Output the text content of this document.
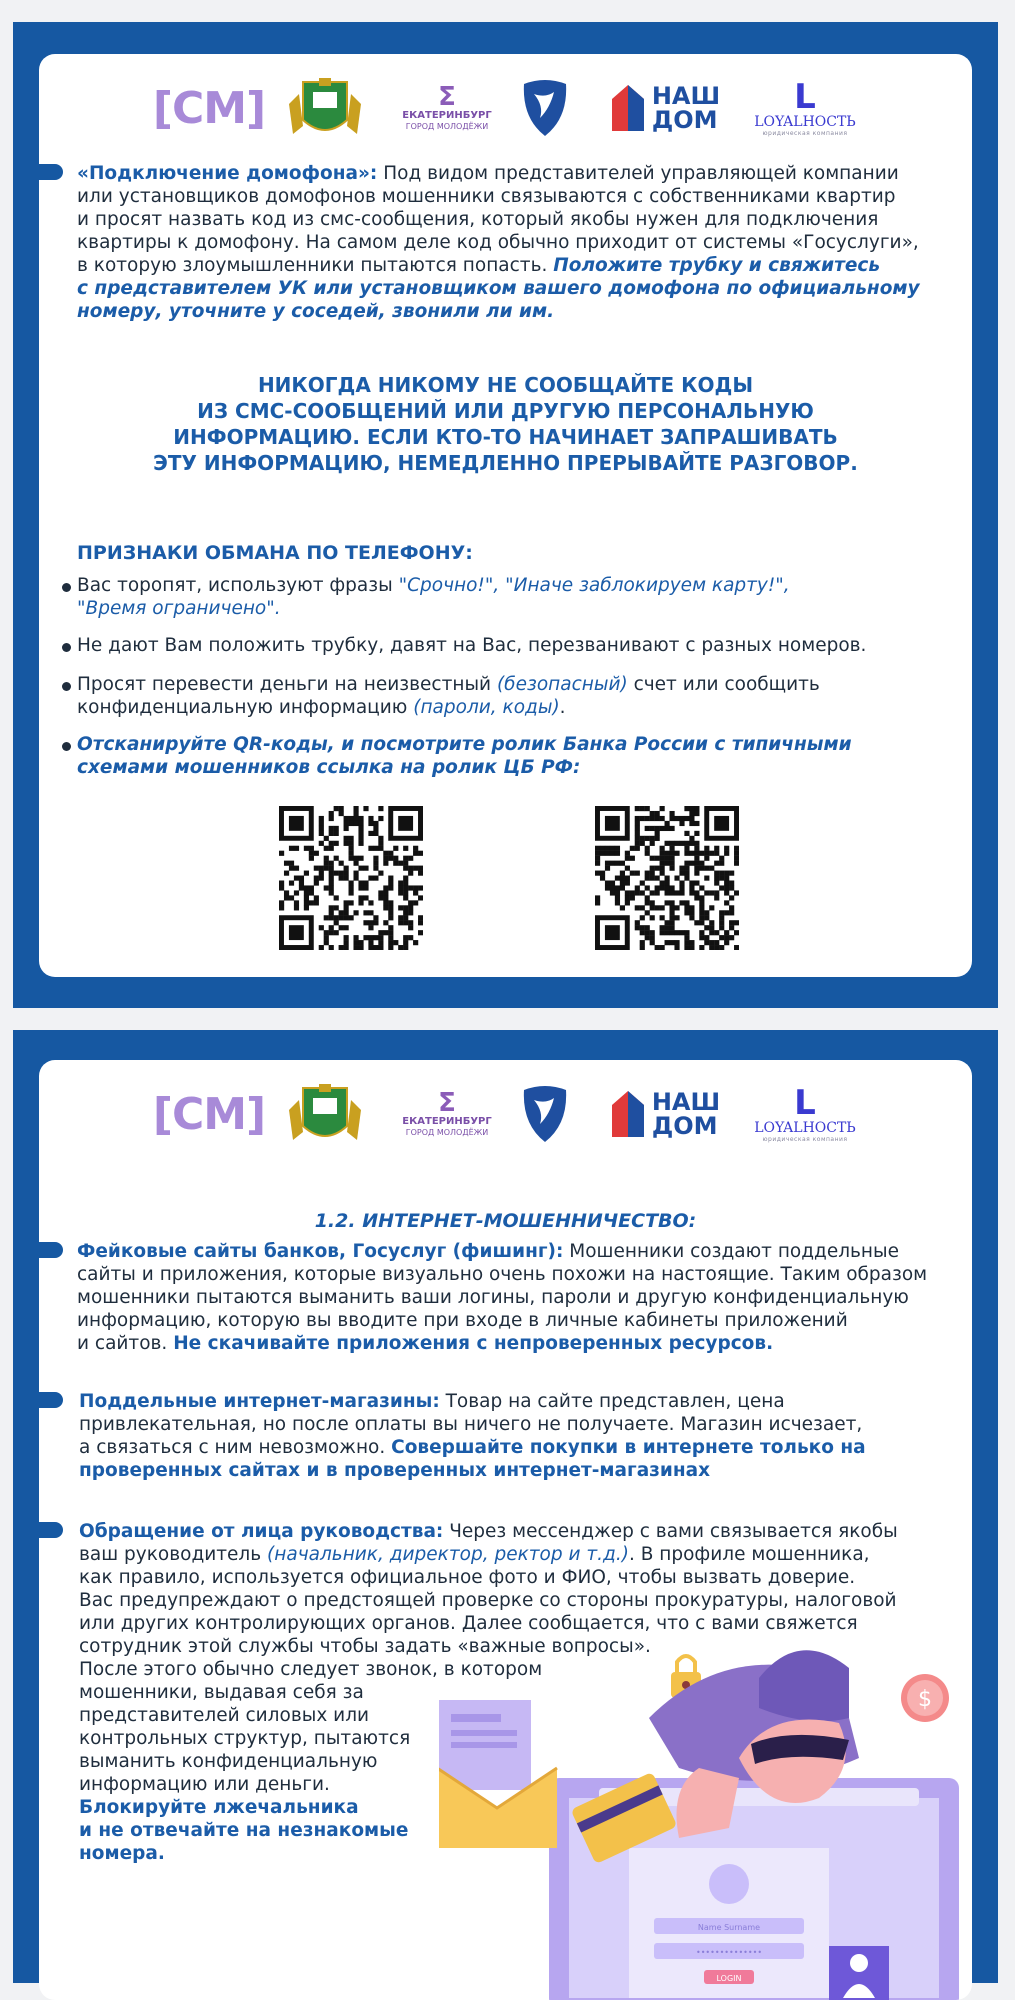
[СМ]	Ʃ
ЕКАТЕРИНБУРГ
ГОРОД МОЛОДЁЖИ
НАШ
ДОМ
L
LOYALНОСТЬ
юридическая компания
«Подключение домофона»: Под видом представителей управляющей компании
или установщиков домофонов мошенники связываются с собственниками квартир
и просят назвать код из смс-сообщения, который якобы нужен для подключения
квартиры к домофону. На самом деле код обычно приходит от системы «Госуслуги»,
в которую злоумышленники пытаются попасть. Положите трубку и свяжитесь
с представителем УК или установщиком вашего домофона по официальному
номеру, уточните у соседей, звонили ли им.
НИКОГДА НИКОМУ НЕ СООБЩАЙТЕ КОДЫ
ИЗ СМС-СООБЩЕНИЙ ИЛИ ДРУГУЮ ПЕРСОНАЛЬНУЮ
ИНФОРМАЦИЮ. ЕСЛИ КТО-ТО НАЧИНАЕТ ЗАПРАШИВАТЬ
ЭТУ ИНФОРМАЦИЮ, НЕМЕДЛЕННО ПРЕРЫВАЙТЕ РАЗГОВОР.
ПРИЗНАКИ ОБМАНА ПО ТЕЛЕФОНУ:
Вас торопят, используют фразы "Срочно!", "Иначе заблокируем карту!",
"Время ограничено".
Не дают Вам положить трубку, давят на Вас, перезванивают с разных номеров.
Просят перевести деньги на неизвестный (безопасный) счет или сообщить
конфиденциальную информацию (пароли, коды).
Отсканируйте QR-коды, и посмотрите ролик Банка России с типичными
схемами мошенников ссылка на ролик ЦБ РФ:
[СМ]	Ʃ
ЕКАТЕРИНБУРГ
ГОРОД МОЛОДЁЖИ
НАШ
ДОМ
L
LOYALНОСТЬ
юридическая компания
1.2. ИНТЕРНЕТ-МОШЕННИЧЕСТВО:
Фейковые сайты банков, Госуслуг (фишинг): Мошенники создают поддельные
сайты и приложения, которые визуально очень похожи на настоящие. Таким образом
мошенники пытаются выманить ваши логины, пароли и другую конфиденциальную
информацию, которую вы вводите при входе в личные кабинеты приложений
и сайтов. Не скачивайте приложения с непроверенных ресурсов.
Поддельные интернет-магазины: Товар на сайте представлен, цена
привлекательная, но после оплаты вы ничего не получаете. Магазин исчезает,
а связаться с ним невозможно. Совершайте покупки в интернете только на
проверенных сайтах и в проверенных интернет-магазинах
Name Surname
••••••••••••••
LOGIN
$
Обращение от лица руководства: Через мессенджер с вами связывается якобы
ваш руководитель (начальник, директор, ректор и т.д.). В профиле мошенника,
как правило, используется официальное фото и ФИО, чтобы вызвать доверие.
Вас предупреждают о предстоящей проверке со стороны прокуратуры, налоговой
или других контролирующих органов. Далее сообщается, что с вами свяжется
сотрудник этой службы чтобы задать «важные вопросы».
После этого обычно следует звонок, в котором
мошенники, выдавая себя за
представителей силовых или
контрольных структур, пытаются
выманить конфиденциальную
информацию или деньги.
Блокируйте лжечальника
и не отвечайте на незнакомые
номера.
